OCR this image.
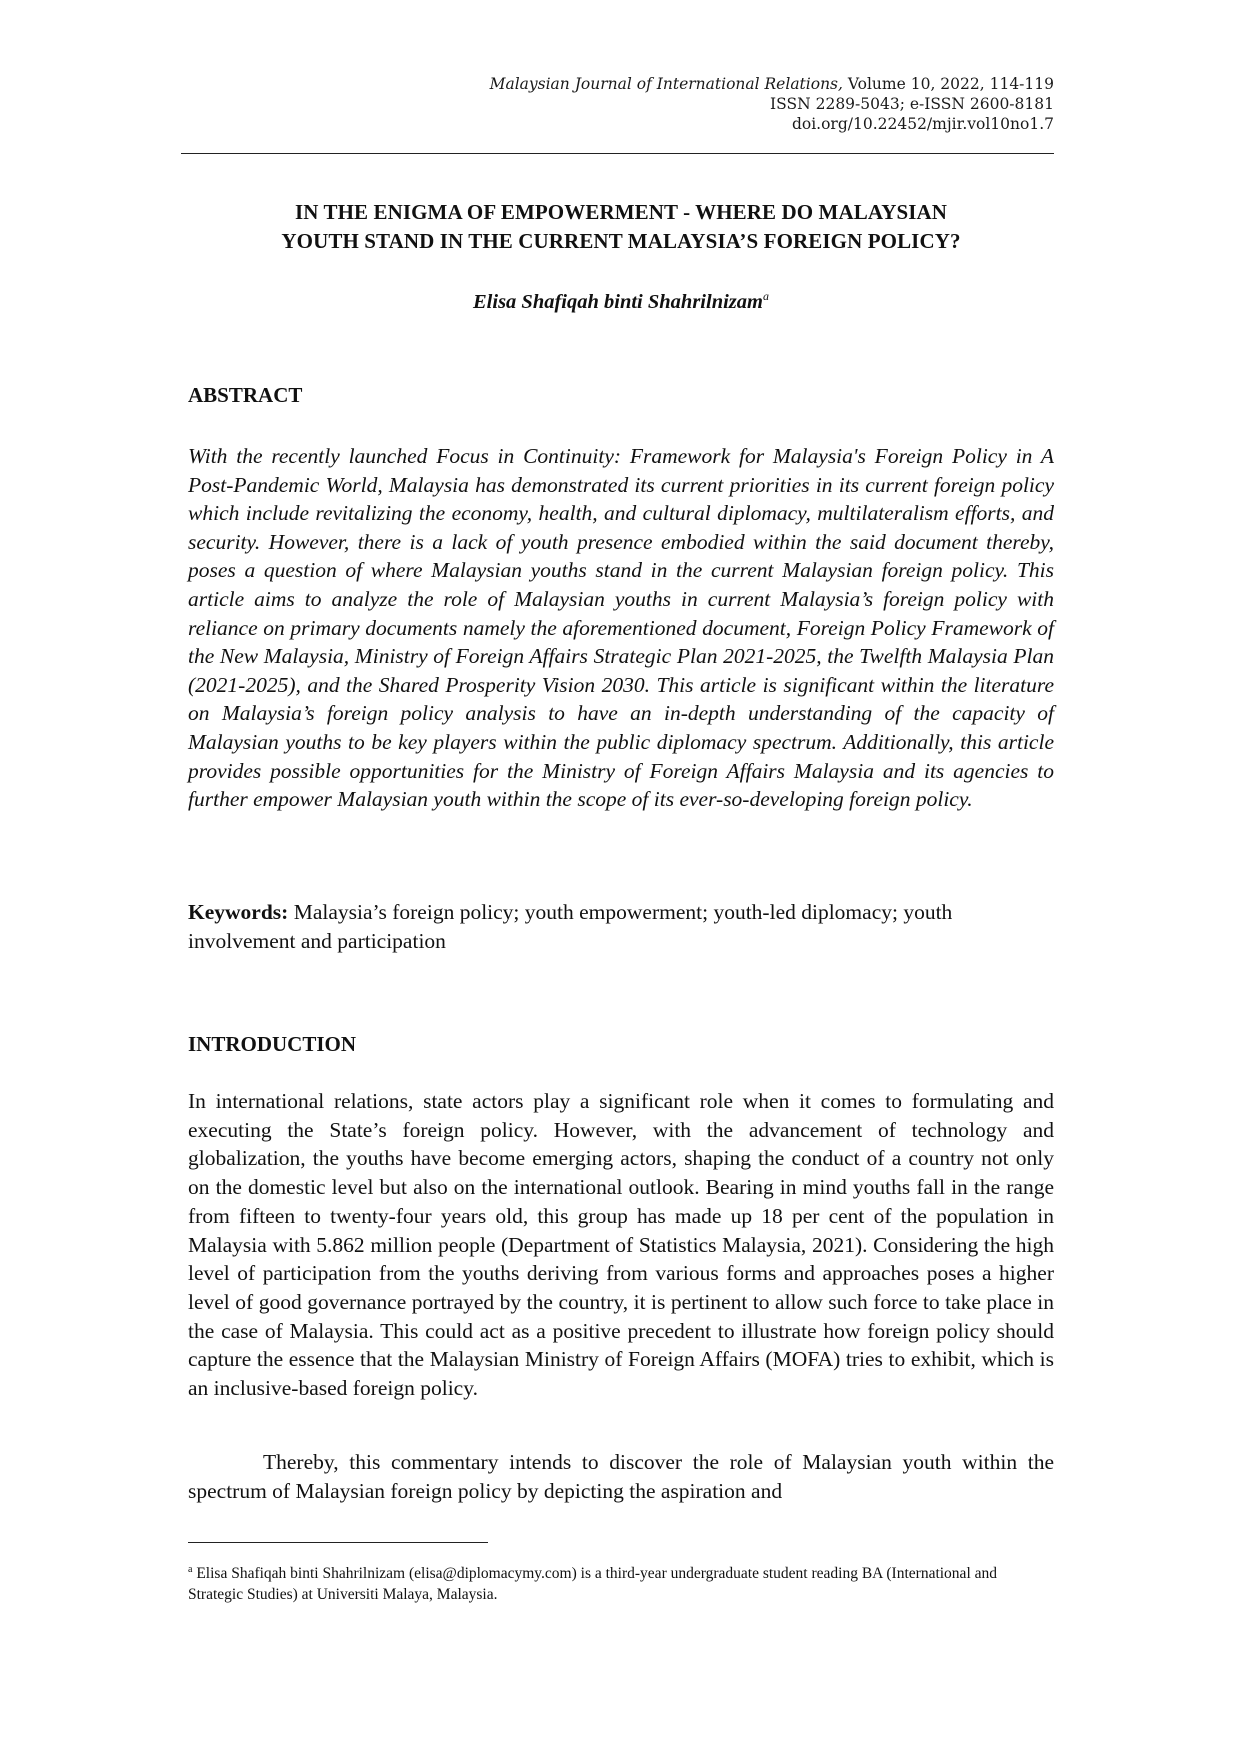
Malaysian Journal of International Relations, Volume 10, 2022, 114-119
ISSN 2289-5043; e-ISSN 2600-8181
doi.org/10.22452/mjir.vol10no1.7
IN THE ENIGMA OF EMPOWERMENT - WHERE DO MALAYSIAN
YOUTH STAND IN THE CURRENT MALAYSIA’S FOREIGN POLICY?
Elisa Shafiqah binti Shahrilnizam$^a$
ABSTRACT
With the recently launched Focus in Continuity: Framework for Malaysia's Foreign Policy in A Post-Pandemic World, Malaysia has demonstrated its current priorities in its current foreign policy which include revitalizing the economy, health, and cultural diplomacy, multilateralism efforts, and security. However, there is a lack of youth presence embodied within the said document thereby, poses a question of where Malaysian youths stand in the current Malaysian foreign policy. This article aims to analyze the role of Malaysian youths in current Malaysia’s foreign policy with reliance on primary documents namely the aforementioned document, Foreign Policy Framework of the New Malaysia, Ministry of Foreign Affairs Strategic Plan 2021-2025, the Twelfth Malaysia Plan (2021-2025), and the Shared Prosperity Vision 2030. This article is significant within the literature on Malaysia’s foreign policy analysis to have an in-depth understanding of the capacity of Malaysian youths to be key players within the public diplomacy spectrum. Additionally, this article provides possible opportunities for the Ministry of Foreign Affairs Malaysia and its agencies to further empower Malaysian youth within the scope of its ever-so-developing foreign policy.
Keywords: Malaysia’s foreign policy; youth empowerment; youth-led diplomacy; youth involvement and participation
INTRODUCTION

In international relations, state actors play a significant role when it comes to formulating and executing the State’s foreign policy. However, with the advancement of technology and globalization, the youths have become emerging actors, shaping the conduct of a country not only on the domestic level but also on the international outlook. Bearing in mind youths fall in the range from fifteen to twenty-four years old, this group has made up 18 per cent of the population in Malaysia with 5.862 million people (Department of Statistics Malaysia, 2021). Considering the high level of participation from the youths deriving from various forms and approaches poses a higher level of good governance portrayed by the country, it is pertinent to allow such force to take place in the case of Malaysia. This could act as a positive precedent to illustrate how foreign policy should capture the essence that the Malaysian Ministry of Foreign Affairs (MOFA) tries to exhibit, which is an inclusive-based foreign policy.

Thereby, this commentary intends to discover the role of Malaysian youth within the spectrum of Malaysian foreign policy by depicting the aspiration and

$^a$ Elisa Shafiqah binti Shahrilnizam (elisa@diplomacymy.com) is a third-year undergraduate student reading BA (International and Strategic Studies) at Universiti Malaya, Malaysia.
